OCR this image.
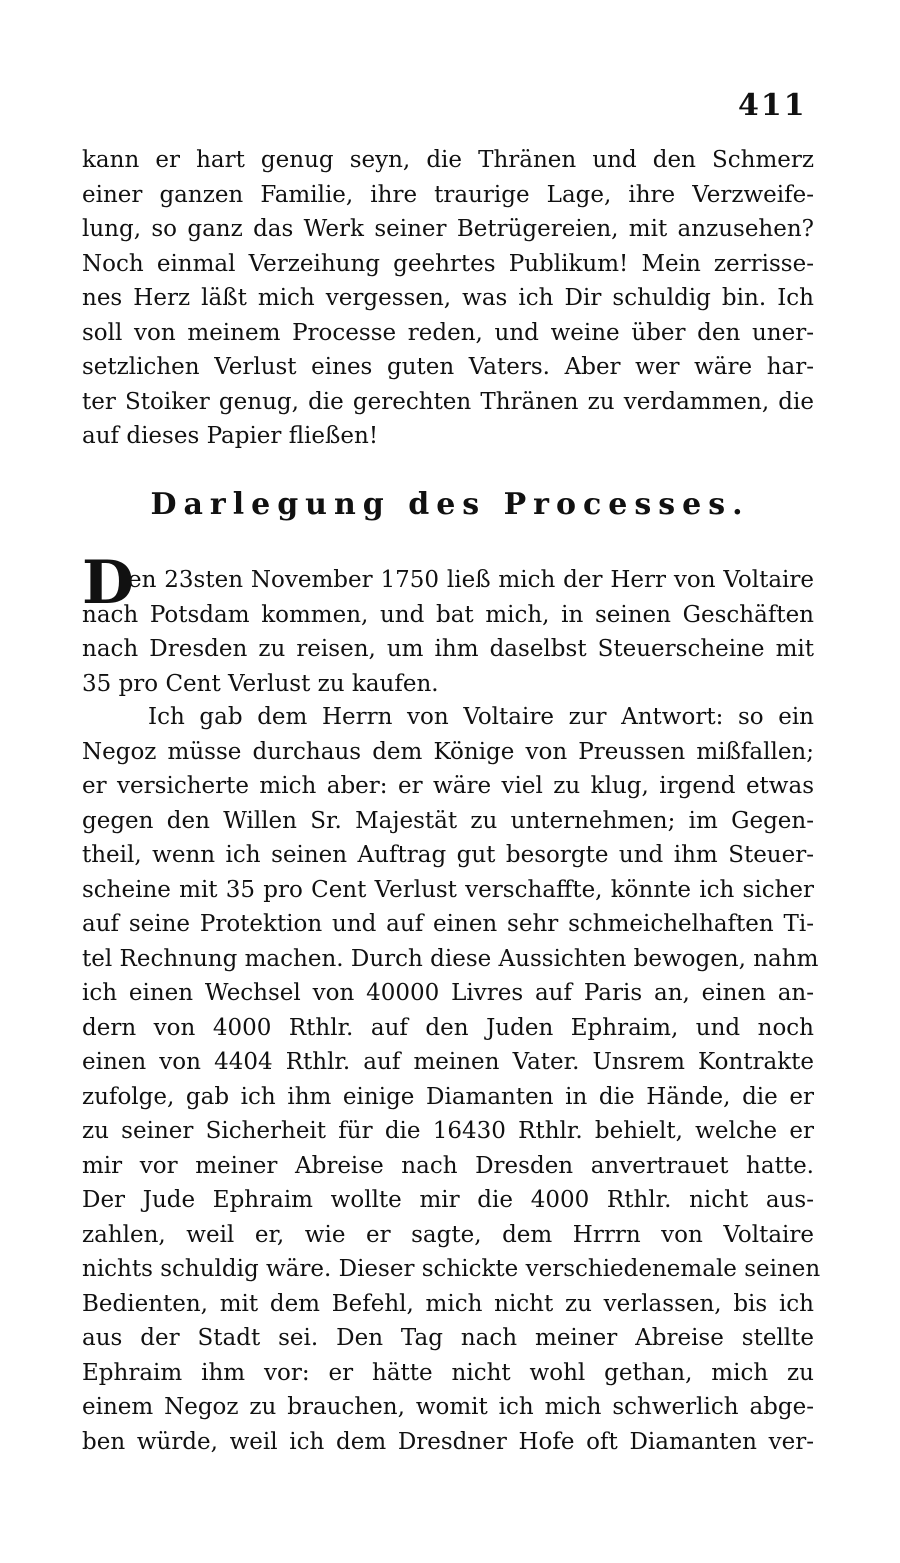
411
kann er hart genug seyn, die Thränen und den Schmerz
einer ganzen Familie, ihre traurige Lage, ihre Verzweife-
lung, so ganz das Werk seiner Betrügereien, mit anzusehen?
Noch einmal Verzeihung geehrtes Publikum! Mein zerrisse-
nes Herz läßt mich vergessen, was ich Dir schuldig bin. Ich
soll von meinem Processe reden, und weine über den uner-
setzlichen Verlust eines guten Vaters. Aber wer wäre har-
ter Stoiker genug, die gerechten Thränen zu verdammen, die
auf dieses Papier fließen!
Darlegung des Processes.
D
en 23sten November 1750 ließ mich der Herr von Voltaire
nach Potsdam kommen, und bat mich, in seinen Geschäften
nach Dresden zu reisen, um ihm daselbst Steuerscheine mit
35 pro Cent Verlust zu kaufen.
Ich gab dem Herrn von Voltaire zur Antwort: so ein
Negoz müsse durchaus dem Könige von Preussen mißfallen;
er versicherte mich aber: er wäre viel zu klug, irgend etwas
gegen den Willen Sr. Majestät zu unternehmen; im Gegen-
theil, wenn ich seinen Auftrag gut besorgte und ihm Steuer-
scheine mit 35 pro Cent Verlust verschaffte, könnte ich sicher
auf seine Protektion und auf einen sehr schmeichelhaften Ti-
tel Rechnung machen. Durch diese Aussichten bewogen, nahm
ich einen Wechsel von 40000 Livres auf Paris an, einen an-
dern von 4000 Rthlr. auf den Juden Ephraim, und noch
einen von 4404 Rthlr. auf meinen Vater. Unsrem Kontrakte
zufolge, gab ich ihm einige Diamanten in die Hände, die er
zu seiner Sicherheit für die 16430 Rthlr. behielt, welche er
mir vor meiner Abreise nach Dresden anvertrauet hatte.
Der Jude Ephraim wollte mir die 4000 Rthlr. nicht aus-
zahlen, weil er, wie er sagte, dem Hrrrn von Voltaire
nichts schuldig wäre. Dieser schickte verschiedenemale seinen
Bedienten, mit dem Befehl, mich nicht zu verlassen, bis ich
aus der Stadt sei. Den Tag nach meiner Abreise stellte
Ephraim ihm vor: er hätte nicht wohl gethan, mich zu
einem Negoz zu brauchen, womit ich mich schwerlich abge-
ben würde, weil ich dem Dresdner Hofe oft Diamanten ver-
